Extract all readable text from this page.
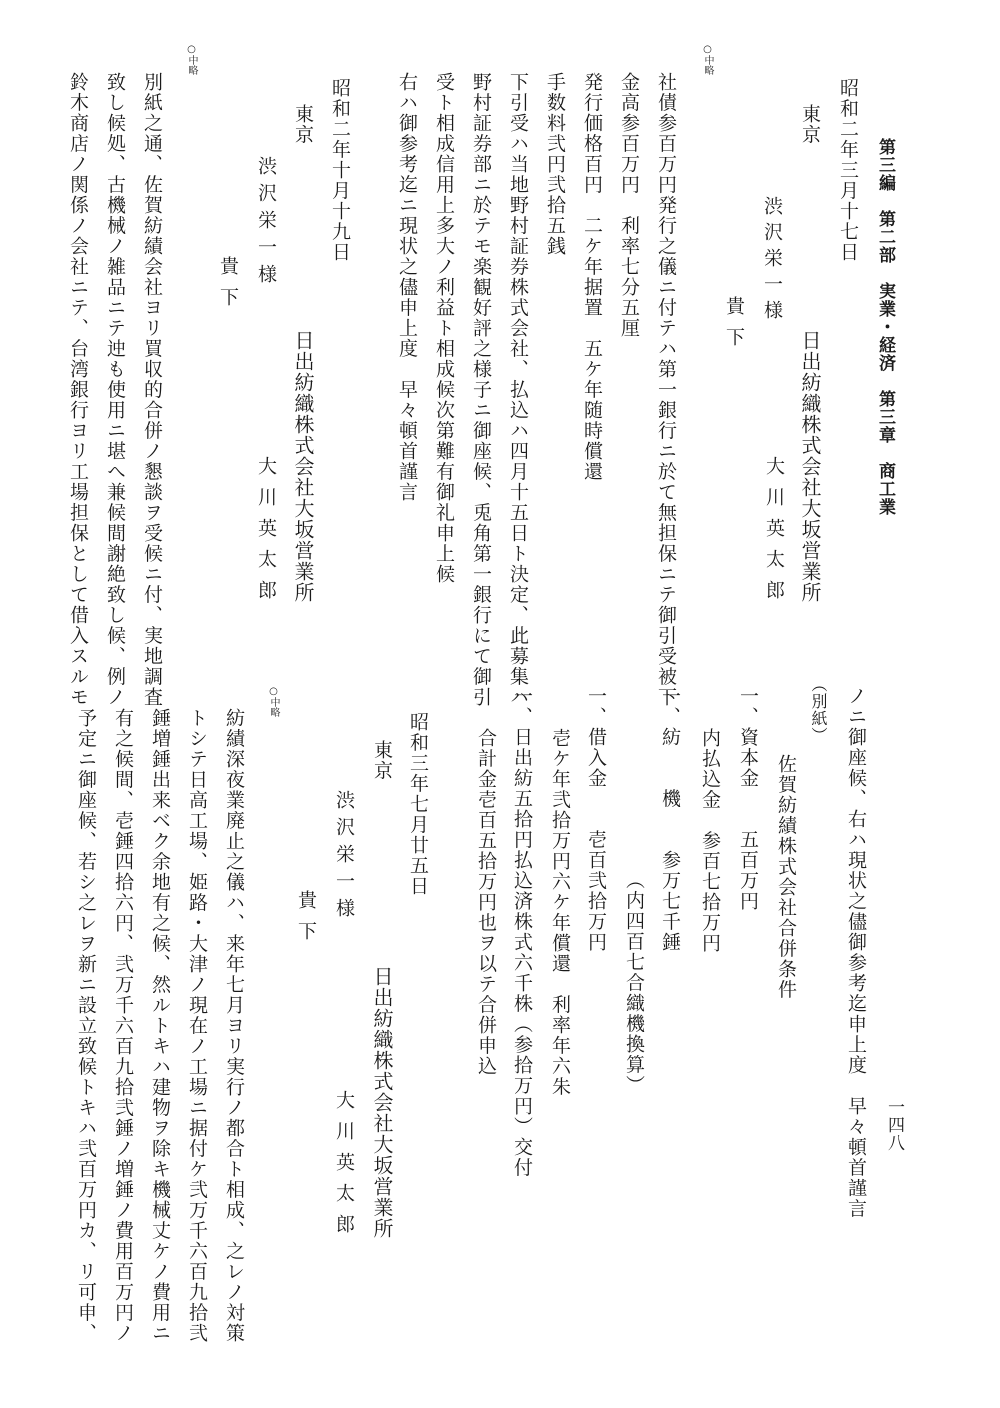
第三編　第二部　実業・経済　第三章　商工業
一四八
昭和二年三月十七日
東京
渋沢栄一様
貴下
日出紡織株式会社大坂営業所
大川英太郎
○中略
社債参百万円発行之儀ニ付テハ第一銀行ニ於て無担保ニテ御引受被下
金高参百万円　利率七分五厘
発行価格百円　二ケ年据置　五ケ年随時償還
手数料弐円弐拾五銭
下引受ハ当地野村証券株式会社、払込ハ四月十五日ト決定、此募集ハ
野村証券部ニ於テモ楽観好評之様子ニ御座候、兎角第一銀行にて御引
受ト相成信用上多大ノ利益ト相成候次第難有御礼申上候
右ハ御参考迄ニ現状之儘申上度　早々頓首謹言
昭和二年十月十九日
東京
渋沢栄一様
貴下
日出紡織株式会社大坂営業所
大川英太郎
○中略
別紙之通、佐賀紡績会社ヨリ買収的合併ノ懇談ヲ受候ニ付、実地調査
致し候処、古機械ノ雑品ニテ迚も使用ニ堪へ兼候間謝絶致し候、例ノ
鈴木商店ノ関係ノ会社ニテ、台湾銀行ヨリ工場担保として借入スルモ
ノニ御座候、右ハ現状之儘御参考迄申上度　早々頓首謹言
（別紙）
佐賀紡績株式会社合併条件
一、資本金　　五百万円
内払込金　参百七拾万円
一、紡　　機　　参万七千錘
（内四百七合織機換算）
一、借入金　　壱百弐拾万円
壱ケ年弐拾万円六ケ年償還　利率年六朱
一、日出紡五拾円払込済株式六千株（参拾万円）交付
合計金壱百五拾万円也ヲ以テ合併申込
昭和三年七月廿五日
東京
渋沢栄一様
貴下
日出紡織株式会社大坂営業所
大川英太郎
○中略
紡績深夜業廃止之儀ハ、来年七月ヨリ実行ノ都合ト相成、之レノ対策
トシテ日高工場、姫路・大津ノ現在ノ工場ニ据付ケ弐万千六百九拾弐
錘増錘出来ベク余地有之候、然ルトキハ建物ヲ除キ機械丈ケノ費用ニ
有之候間、壱錘四拾六円、弐万千六百九拾弐錘ノ増錘ノ費用百万円ノ
予定ニ御座候、若シ之レヲ新ニ設立致候トキハ弐百万円カ、リ可申、
